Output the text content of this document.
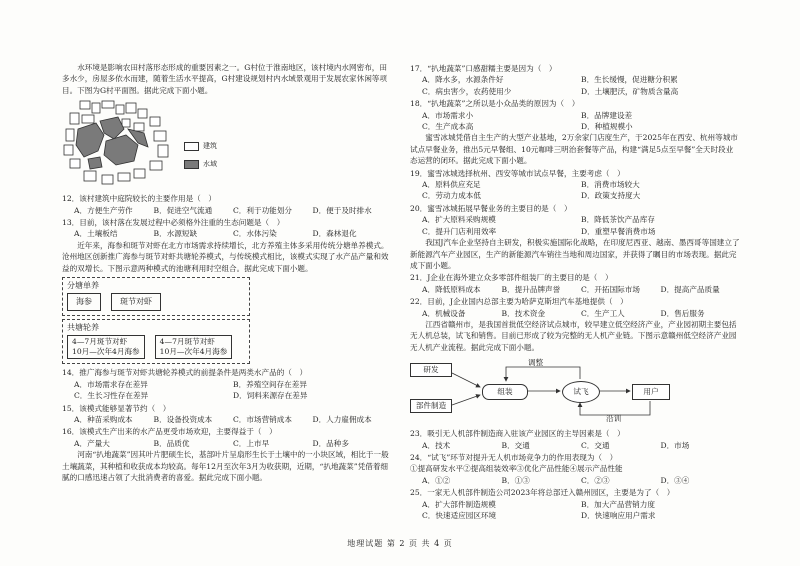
水环境是影响农田村落形态形成的重要因素之一。G村位于淮南地区，该村境内水网密布，田多水少，房屋多依水而建，随着生活水平提高，G村建设规划村内水域景观用于发展农家休闲等项目。下图为G村平面图。据此完成下面小题。

建筑
水域
12．该村建筑中庭院较长的主要作用是（　）
A．方便生产劳作	B．促进空气流通	C．利于功能划分	D．便于及时排水
13．目前，该村落在发展过程中必须格外注重的生态问题是（　）
A．土壤板结	B．水源短缺	C．水体污染	D．森林退化

近年来，海参和斑节对虾在北方市场需求持续增长，北方养殖主体多采用传统分塘单养模式。沧州地区创新推广海参与斑节对虾共塘轮养模式，与传统模式相比，该模式实现了水产品产量和效益的双增长。下图示意两种模式的池塘利用时空组合。据此完成下面小题。

分塘单养
海参	斑节对虾
共塘轮养
4—7月斑节对虾
10月—次年4月海参
4—7月斑节对虾
10月—次年4月海参
14．推广海参与斑节对虾共塘轮养模式的前提条件是两类水产品的（　）
A．市场需求存在差异	B．养殖空间存在差异
C．生长习性存在差异	D．饲料来源存在差异
15．该模式能够显著节约（　）
A．种苗采购成本	B．设备投资成本	C．市场营销成本	D．人力雇佣成本
16．该模式生产出来的水产品更受市场欢迎，主要得益于（　）
A．产量大	B．品质优	C．上市早	D．品种多

河南“扒地蔬菜”因其叶片肥硕生长，基部叶片呈扇形生长于土壤中的一小块区域，相比于一般土壤蔬菜，其种植和收获成本均较高。每年12月至次年3月为收获期，近期，“扒地蔬菜”凭借着细腻的口感迅速占领了大批消费者的喜爱。据此完成下面小题。

17．“扒地蔬菜”口感甜糯主要是因为（　）
A．降水多，水源条件好	B．生长缓慢，促进糖分积累
C．病虫害少，农药使用少	D．土壤肥沃，矿物质含量高
18．“扒地蔬菜”之所以是小众品类的原因为（　）
A．市场需求小	B．品牌建设差
C．生产成本高	D．种植规模小

蜜雪冰城凭借自主生产的大型产业基地，2万余家门店度生产，于2025年在西安、杭州等城市试点早餐业务，推出5元早餐组、10元咖啡三明治套餐等产品，构建“满足5点至早餐”全天时段业态运营的闭环。据此完成下面小题。

19．蜜雪冰城选择杭州、西安等城市试点早餐，主要考虑（　）
A．原料供应充足	B．消费市场较大
C．劳动力成本低	D．政策支持度大
20．蜜雪冰城拓展早餐业务的主要目的是（　）
A．扩大原料采购规模	B．降低茶饮产品库存
C．提升门店利用效率	D．重塑早餐消费市场

我国J汽车企业坚持自主研发，积极实施国际化战略，在印度尼西亚、越南、墨西哥等国建立了新能源汽车产业园区，生产的新能源汽车销往当地和周边国家，并获得了瞩目的市场表现。据此完成下面小题。

21．J企业在海外建立众多零部件组装厂的主要目的是（　）
A．降低原料成本	B．提升品牌声誉	C．开拓国际市场	D．提高产品质量
22．目前，J企业国内总部主要为哈萨克斯坦汽车基地提供（　）
A．机械设备	B．技术资金	C．生产工人	D．售后服务

江西省赣州市，是我国首批低空经济试点城市，较早建立低空经济产业，产业园初期主要包括无人机总装，试飞和销售。目前已形成了较为完整的无人机产业链。下图示意赣州低空经济产业园无人机产业流程。据此完成下面小题。

研发
部件制造
组装	试飞	用户
调整
沿训
23．吸引无人机部件制造商入驻该产业园区的主导因素是（　）
A．技术	B．交通	C．交通	D．市场
24．“试飞”环节对提升无人机市场竞争力的作用表现为（　）
①提高研发水平②提高组装效率③优化产品性能④展示产品性能
A．①②	B．①③	C．②③	D．③④
25．一家无人机部件制造公司2023年将总部迁入赣州园区，主要是为了（　）
A．扩大部件制造规模	B．加大产品营销力度
C．快速适应园区环境	D．快速响应用户需求
地理试题 第 2 页 共 4 页
